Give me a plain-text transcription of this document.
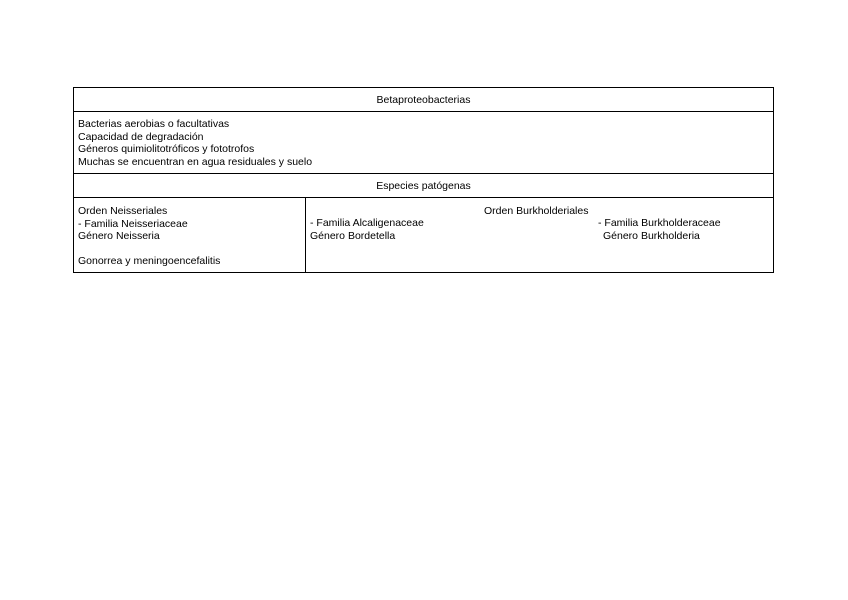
Betaproteobacterias
Bacterias aerobias o facultativas
Capacidad de degradación
Géneros quimiolitotróficos y fototrofos
Muchas se encuentran en agua residuales y suelo
Especies patógenas
Orden Neisseriales
- Familia Neisseriaceae
Género Neisseria
Gonorrea y meningoencefalitis
Orden Burkholderiales
- Familia Alcaligenaceae
Género Bordetella
- Familia Burkholderaceae
Género Burkholderia
